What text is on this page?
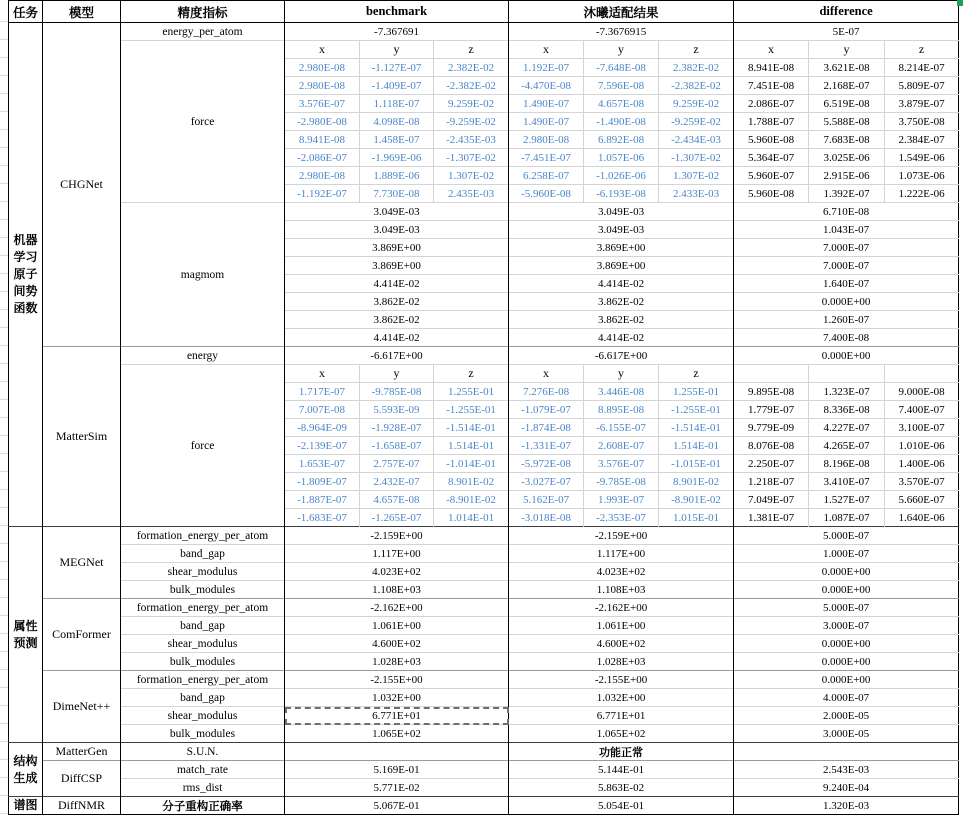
任务	模型	精度指标	benchmark			沐曦适配结果			difference		

机器
学习
原子
间势
函数	CHGNet	energy_per_atom	-7.367691			-7.3676915			5E-07		
		force	x	y	z	x	y	z	x	y	z
			2.980E-08	-1.127E-07	2.382E-02	1.192E-07	-7.648E-08	2.382E-02	8.941E-08	3.621E-08	8.214E-07
			2.980E-08	-1.409E-07	-2.382E-02	-4.470E-08	7.596E-08	-2.382E-02	7.451E-08	2.168E-07	5.809E-07
			3.576E-07	1.118E-07	9.259E-02	1.490E-07	4.657E-08	9.259E-02	2.086E-07	6.519E-08	3.879E-07
			-2.980E-08	4.098E-08	-9.259E-02	1.490E-07	-1.490E-08	-9.259E-02	1.788E-07	5.588E-08	3.750E-08
			8.941E-08	1.458E-07	-2.435E-03	2.980E-08	6.892E-08	-2.434E-03	5.960E-08	7.683E-08	2.384E-07
			-2.086E-07	-1.969E-06	-1.307E-02	-7.451E-07	1.057E-06	-1.307E-02	5.364E-07	3.025E-06	1.549E-06
			2.980E-08	1.889E-06	1.307E-02	6.258E-07	-1.026E-06	1.307E-02	5.960E-07	2.915E-06	1.073E-06
			-1.192E-07	7.730E-08	2.435E-03	-5.960E-08	-6.193E-08	2.433E-03	5.960E-08	1.392E-07	1.222E-06
		magmom	3.049E-03			3.049E-03			6.710E-08		
			3.049E-03			3.049E-03			1.043E-07		
			3.869E+00			3.869E+00			7.000E-07		
			3.869E+00			3.869E+00			7.000E-07		
			4.414E-02			4.414E-02			1.640E-07		
			3.862E-02			3.862E-02			0.000E+00		
			3.862E-02			3.862E-02			1.260E-07		
			4.414E-02			4.414E-02			7.400E-08		
	MatterSim	energy	-6.617E+00			-6.617E+00			0.000E+00		
		force	x	y	z	x	y	z			
			1.717E-07	-9.785E-08	1.255E-01	7.276E-08	3.446E-08	1.255E-01	9.895E-08	1.323E-07	9.000E-08
			7.007E-08	5.593E-09	-1.255E-01	-1.079E-07	8.895E-08	-1.255E-01	1.779E-07	8.336E-08	7.400E-07
			-8.964E-09	-1.928E-07	-1.514E-01	-1.874E-08	-6.155E-07	-1.514E-01	9.779E-09	4.227E-07	3.100E-07
			-2.139E-07	-1.658E-07	1.514E-01	-1.331E-07	2.608E-07	1.514E-01	8.076E-08	4.265E-07	1.010E-06
			1.653E-07	2.757E-07	-1.014E-01	-5.972E-08	3.576E-07	-1.015E-01	2.250E-07	8.196E-08	1.400E-06
			-1.809E-07	2.432E-07	8.901E-02	-3.027E-07	-9.785E-08	8.901E-02	1.218E-07	3.410E-07	3.570E-07
			-1.887E-07	4.657E-08	-8.901E-02	5.162E-07	1.993E-07	-8.901E-02	7.049E-07	1.527E-07	5.660E-07
			-1.683E-07	-1.265E-07	1.014E-01	-3.018E-08	-2.353E-07	1.015E-01	1.381E-07	1.087E-07	1.640E-06

属性
预测	MEGNet	formation_energy_per_atom	-2.159E+00			-2.159E+00			5.000E-07		
		band_gap	1.117E+00			1.117E+00			1.000E-07		
		shear_modulus	4.023E+02			4.023E+02			0.000E+00		
		bulk_modules	1.108E+03			1.108E+03			0.000E+00		
	ComFormer	formation_energy_per_atom	-2.162E+00			-2.162E+00			5.000E-07		
		band_gap	1.061E+00			1.061E+00			3.000E-07		
		shear_modulus	4.600E+02			4.600E+02			0.000E+00		
		bulk_modules	1.028E+03			1.028E+03			0.000E+00		
	DimeNet++	formation_energy_per_atom	-2.155E+00			-2.155E+00			0.000E+00		
		band_gap	1.032E+00			1.032E+00			4.000E-07		
		shear_modulus	6.771E+01			6.771E+01			2.000E-05		
		bulk_modules	1.065E+02			1.065E+02			3.000E-05		

结构
生成	MatterGen	S.U.N.				功能正常					
	DiffCSP	match_rate	5.169E-01			5.144E-01			2.543E-03		
		rms_dist	5.771E-02			5.863E-02			9.240E-04		

谱图	DiffNMR	分子重构正确率	5.067E-01			5.054E-01			1.320E-03		
